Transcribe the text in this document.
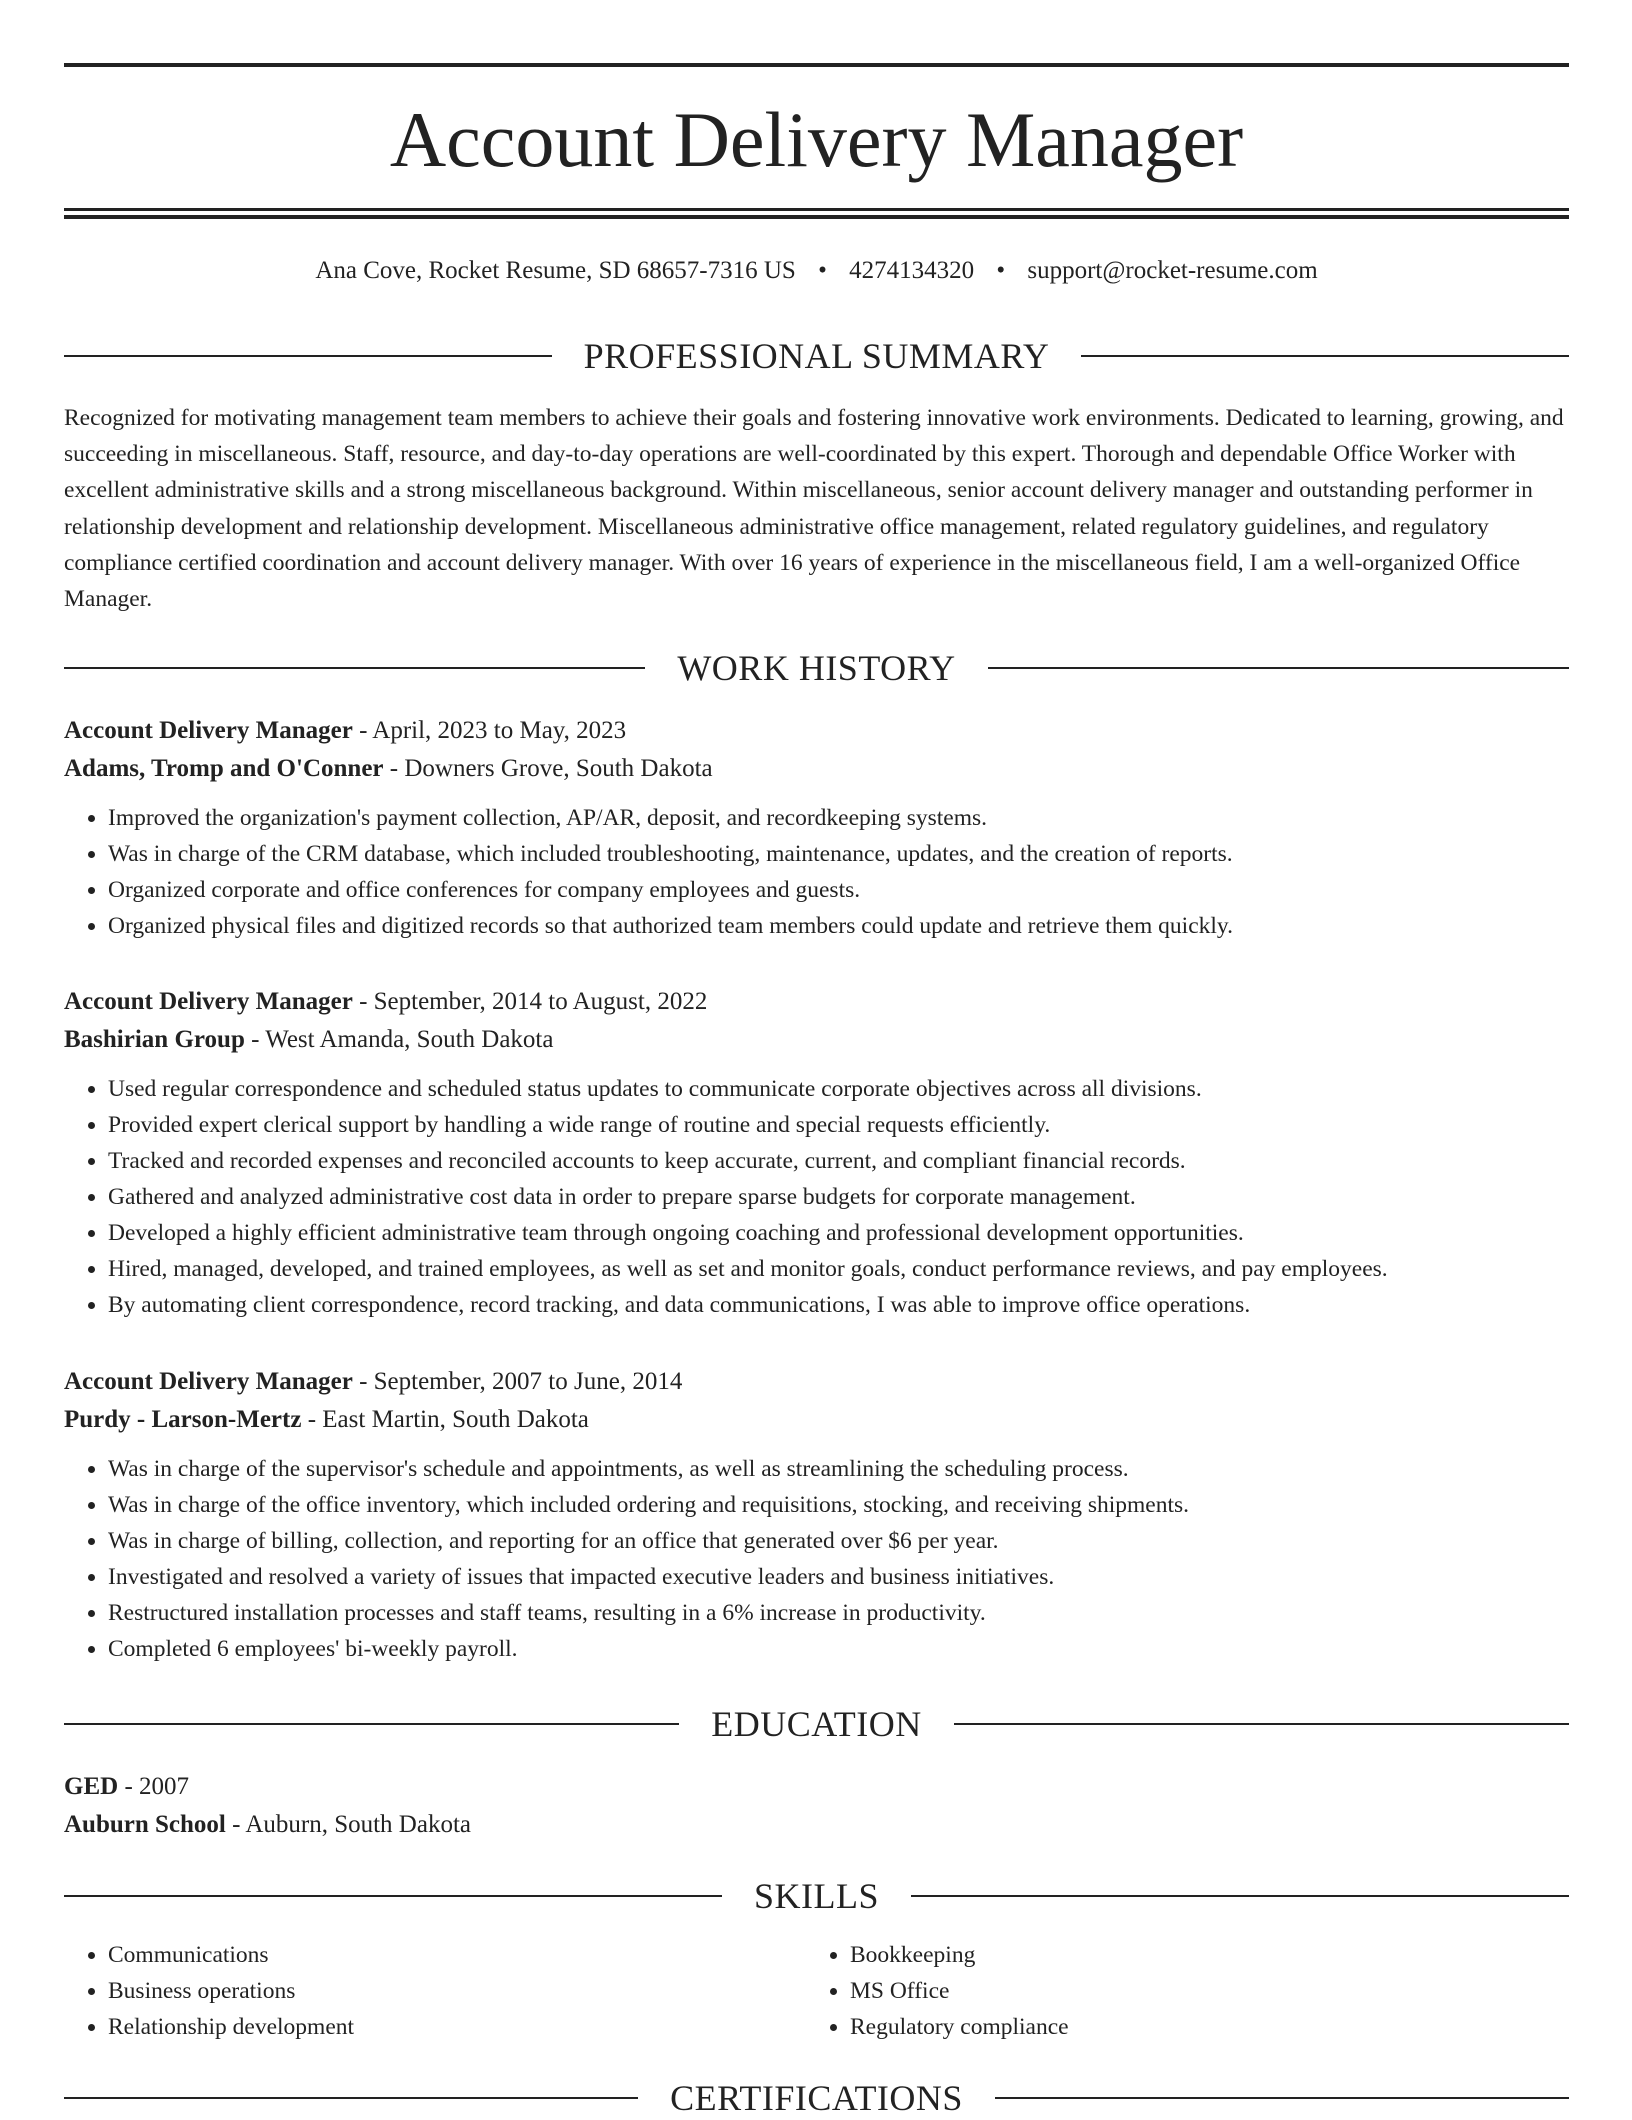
Account Delivery Manager
Ana Cove, Rocket Resume, SD 68657-7316 US • 4274134320 • support@rocket-resume.com
PROFESSIONAL SUMMARY

Recognized for motivating management team members to achieve their goals and fostering innovative work environments. Dedicated to learning, growing, and succeeding in miscellaneous. Staff, resource, and day-to-day operations are well-coordinated by this expert. Thorough and dependable Office Worker with excellent administrative skills and a strong miscellaneous background. Within miscellaneous, senior account delivery manager and outstanding performer in relationship development and relationship development. Miscellaneous administrative office management, related regulatory guidelines, and regulatory compliance certified coordination and account delivery manager. With over 16 years of experience in the miscellaneous field, I am a well-organized Office Manager.

WORK HISTORY
Account Delivery Manager - April, 2023 to May, 2023
Adams, Tromp and O'Conner - Downers Grove, South Dakota
• Improved the organization's payment collection, AP/AR, deposit, and recordkeeping systems.
• Was in charge of the CRM database, which included troubleshooting, maintenance, updates, and the creation of reports.
• Organized corporate and office conferences for company employees and guests.
• Organized physical files and digitized records so that authorized team members could update and retrieve them quickly.
Account Delivery Manager - September, 2014 to August, 2022
Bashirian Group - West Amanda, South Dakota
• Used regular correspondence and scheduled status updates to communicate corporate objectives across all divisions.
• Provided expert clerical support by handling a wide range of routine and special requests efficiently.
• Tracked and recorded expenses and reconciled accounts to keep accurate, current, and compliant financial records.
• Gathered and analyzed administrative cost data in order to prepare sparse budgets for corporate management.
• Developed a highly efficient administrative team through ongoing coaching and professional development opportunities.
• Hired, managed, developed, and trained employees, as well as set and monitor goals, conduct performance reviews, and pay employees.
• By automating client correspondence, record tracking, and data communications, I was able to improve office operations.
Account Delivery Manager - September, 2007 to June, 2014
Purdy - Larson-Mertz - East Martin, South Dakota
• Was in charge of the supervisor's schedule and appointments, as well as streamlining the scheduling process.
• Was in charge of the office inventory, which included ordering and requisitions, stocking, and receiving shipments.
• Was in charge of billing, collection, and reporting for an office that generated over $6 per year.
• Investigated and resolved a variety of issues that impacted executive leaders and business initiatives.
• Restructured installation processes and staff teams, resulting in a 6% increase in productivity.
• Completed 6 employees' bi-weekly payroll.
EDUCATION
GED - 2007
Auburn School - Auburn, South Dakota
SKILLS
• Communications
• Business operations
• Relationship development
• Bookkeeping
• MS Office
• Regulatory compliance
CERTIFICATIONS
